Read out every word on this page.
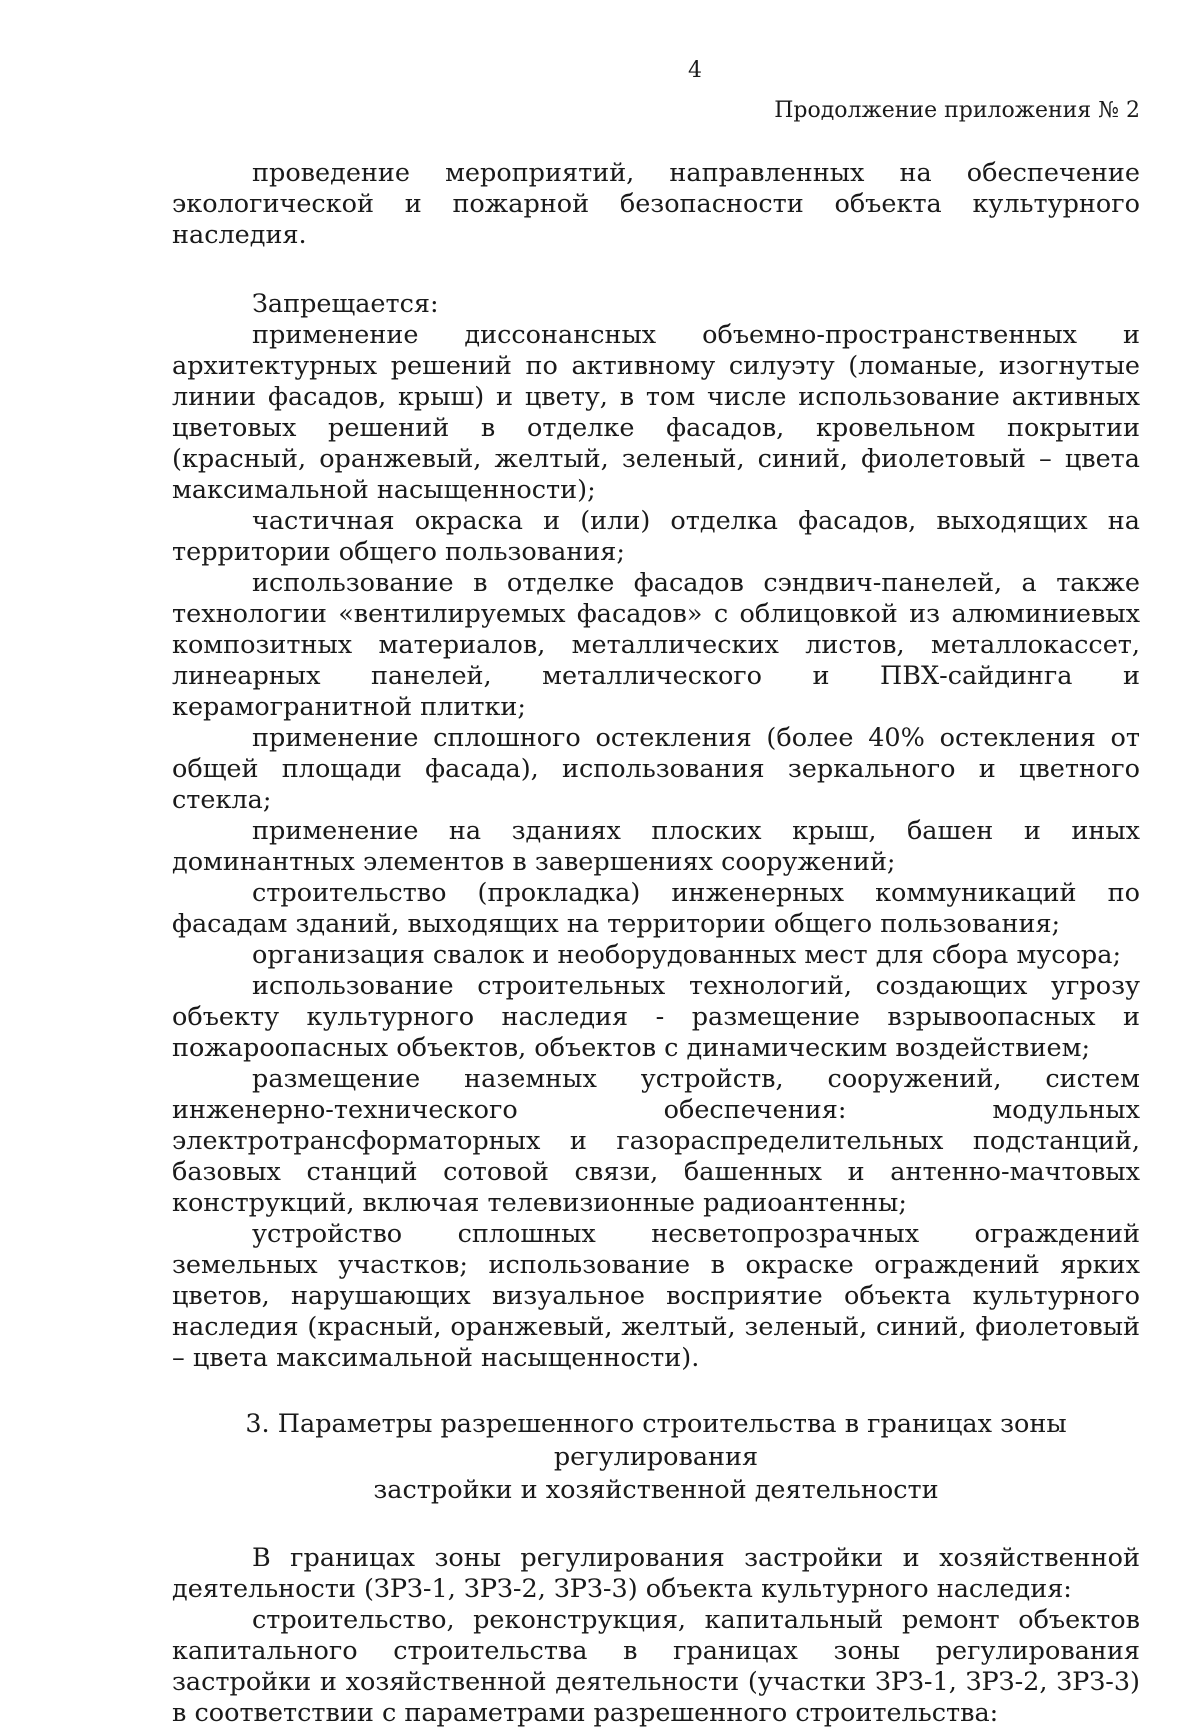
4
Продолжение приложения № 2

проведение мероприятий, направленных на обеспечение экологической и пожарной безопасности объекта культурного наследия.

Запрещается:

применение диссонансных объемно-пространственных и архитектурных решений по активному силуэту (ломаные, изогнутые линии фасадов, крыш) и цвету, в том числе использование активных цветовых решений в отделке фасадов, кровельном покрытии (красный, оранжевый, желтый, зеленый, синий, фиолетовый – цвета максимальной насыщенности);

частичная окраска и (или) отделка фасадов, выходящих на территории общего пользования;

использование в отделке фасадов сэндвич-панелей, а также технологии «вентилируемых фасадов» с облицовкой из алюминиевых композитных материалов, металлических листов, металлокассет, линеарных панелей, металлического и ПВХ-сайдинга и керамогранитной плитки;

применение сплошного остекления (более 40% остекления от общей площади фасада), использования зеркального и цветного стекла;

применение на зданиях плоских крыш, башен и иных доминантных элементов в завершениях сооружений;

строительство (прокладка) инженерных коммуникаций по фасадам зданий, выходящих на территории общего пользования;

организация свалок и необорудованных мест для сбора мусора;

использование строительных технологий, создающих угрозу объекту культурного наследия - размещение взрывоопасных и пожароопасных объектов, объектов с динамическим воздействием;

размещение наземных устройств, сооружений, систем инженерно-технического обеспечения: модульных электротрансформаторных и газораспределительных подстанций, базовых станций сотовой связи, башенных и антенно-мачтовых конструкций, включая телевизионные радиоантенны;

устройство сплошных несветопрозрачных ограждений земельных участков; использование в окраске ограждений ярких цветов, нарушающих визуальное восприятие объекта культурного наследия (красный, оранжевый, желтый, зеленый, синий, фиолетовый – цвета максимальной насыщенности).

3. Параметры разрешенного строительства в границах зоны регулирования
застройки и хозяйственной деятельности

В границах зоны регулирования застройки и хозяйственной деятельности (ЗРЗ-1, ЗРЗ-2, ЗРЗ-3) объекта культурного наследия:

строительство, реконструкция, капитальный ремонт объектов капитального строительства в границах зоны регулирования застройки и хозяйственной деятельности (участки ЗРЗ-1, ЗРЗ-2, ЗРЗ-3) в соответствии с параметрами разрешенного строительства:
